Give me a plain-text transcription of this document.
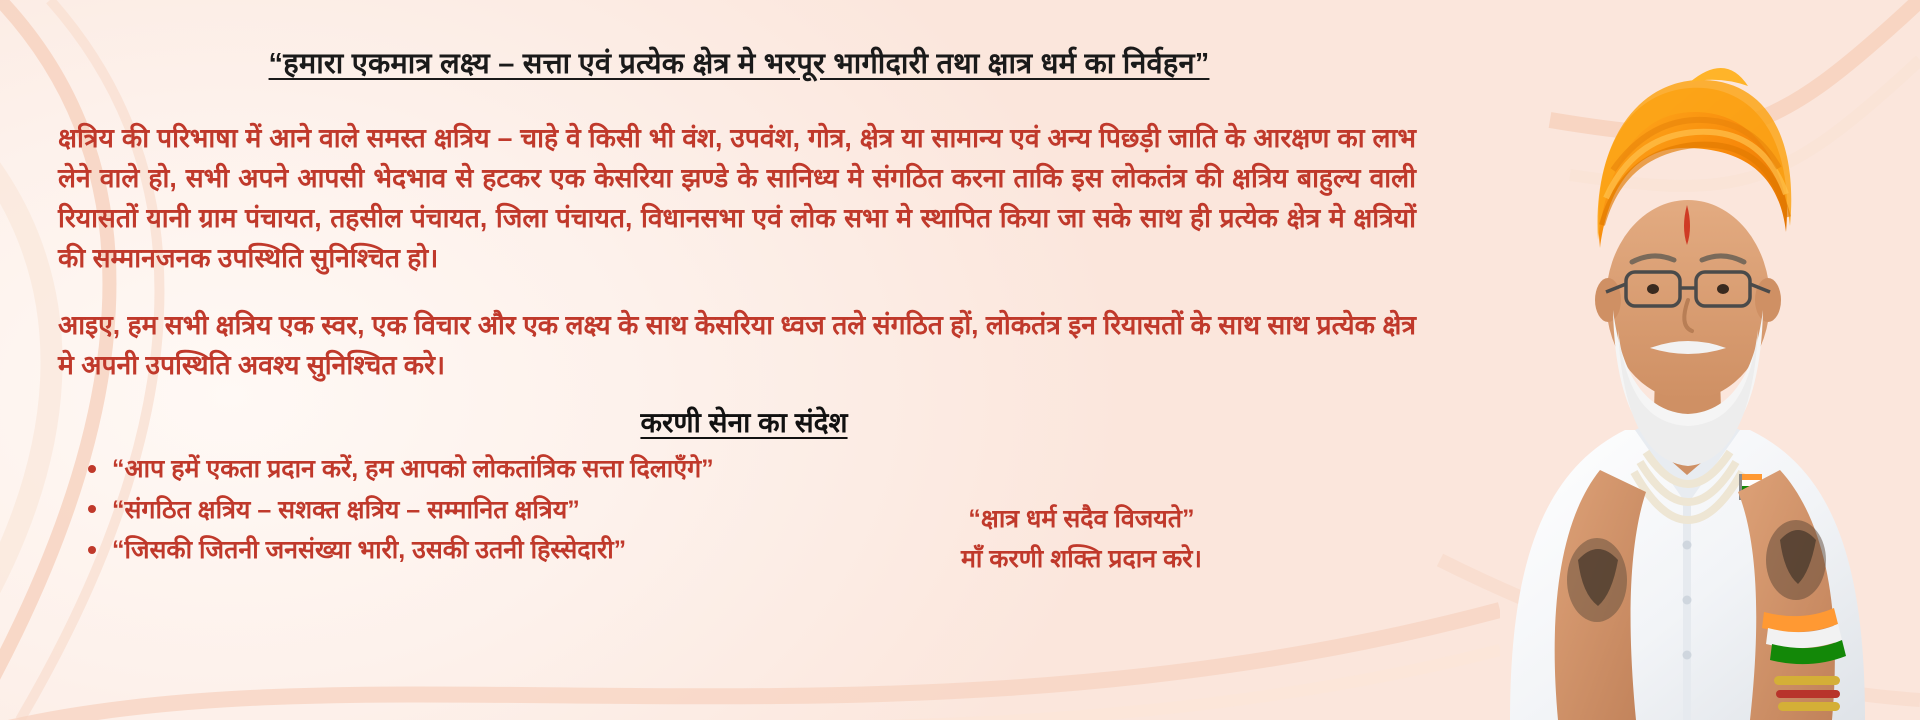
“हमारा एकमात्र लक्ष्य – सत्ता एवं प्रत्येक क्षेत्र मे भरपूर भागीदारी तथा क्षात्र धर्म का निर्वहन”

क्षत्रिय की परिभाषा में आने वाले समस्त क्षत्रिय – चाहे वे किसी भी वंश, उपवंश, गोत्र, क्षेत्र या सामान्य एवं अन्य पिछड़ी जाति के आरक्षण का लाभ लेने वाले हो, सभी अपने आपसी भेदभाव से हटकर एक केसरिया झण्डे के सानिध्य मे संगठित करना ताकि इस लोकतंत्र की क्षत्रिय बाहुल्य वाली रियासतों यानी ग्राम पंचायत, तहसील पंचायत, जिला पंचायत, विधानसभा एवं लोक सभा मे स्थापित किया जा सके साथ ही प्रत्येक क्षेत्र मे क्षत्रियों की सम्मानजनक उपस्थिति सुनिश्चित हो।

आइए, हम सभी क्षत्रिय एक स्वर, एक विचार और एक लक्ष्य के साथ केसरिया ध्वज तले संगठित हों, लोकतंत्र इन रियासतों के साथ साथ प्रत्येक क्षेत्र मे अपनी उपस्थिति अवश्य सुनिश्चित करे।

करणी सेना का संदेश
“आप हमें एकता प्रदान करें, हम आपको लोकतांत्रिक सत्ता दिलाएँगे”
“संगठित क्षत्रिय – सशक्त क्षत्रिय – सम्मानित क्षत्रिय”
“जिसकी जितनी जनसंख्या भारी, उसकी उतनी हिस्सेदारी”
“क्षात्र धर्म सदैव विजयते”
माँ करणी शक्ति प्रदान करे।
